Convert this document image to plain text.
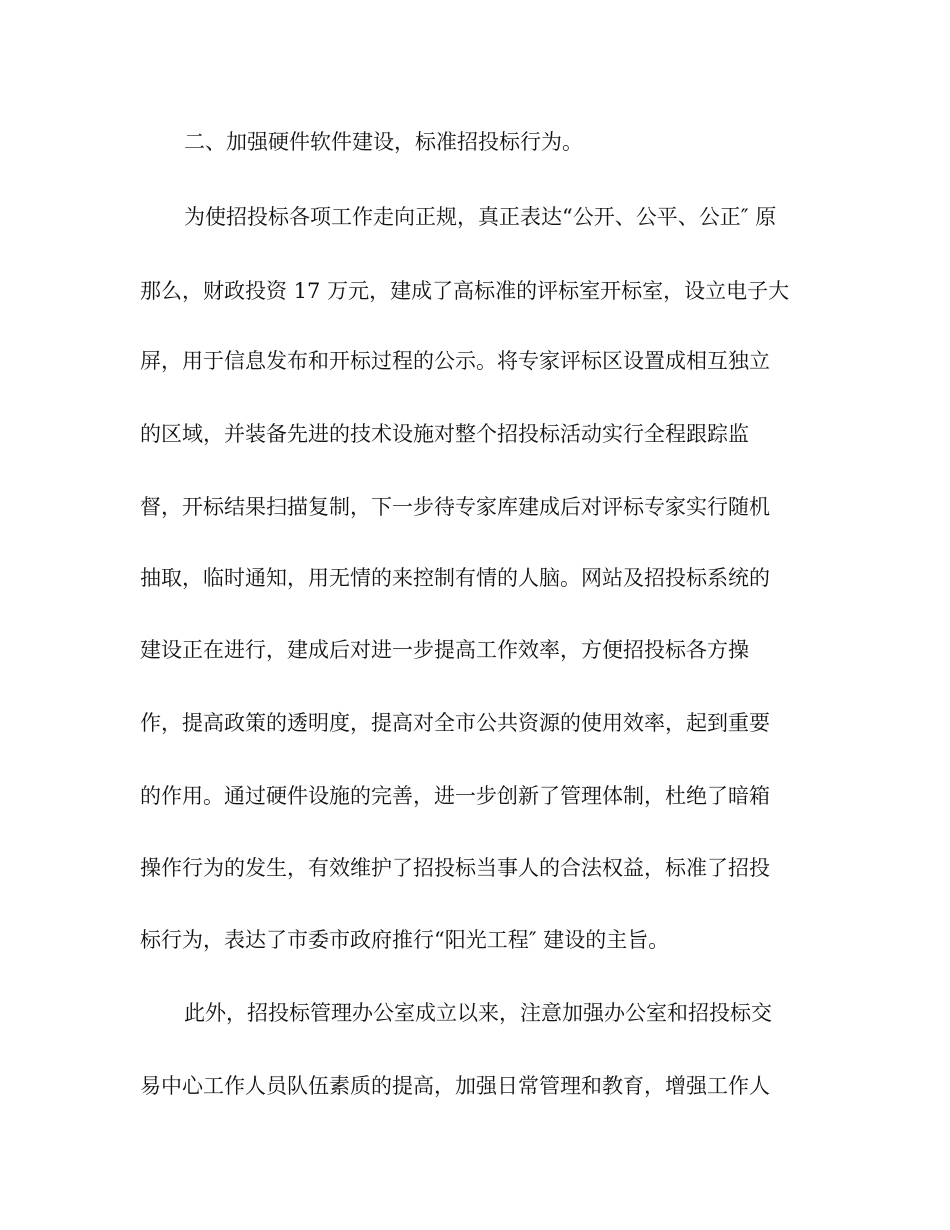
二、加强硬件软件建设，标准招投标行为。

为使招投标各项工作走向正规，真正表达“公开、公平、公正″ 原

那么，财政投资 17 万元，建成了高标准的评标室开标室，设立电子大

屏，用于信息发布和开标过程的公示。将专家评标区设置成相互独立

的区域，并装备先进的技术设施对整个招投标活动实行全程跟踪监

督，开标结果扫描复制，下一步待专家库建成后对评标专家实行随机

抽取，临时通知，用无情的来控制有情的人脑。网站及招投标系统的

建设正在进行，建成后对进一步提高工作效率，方便招投标各方操

作，提高政策的透明度，提高对全市公共资源的使用效率，起到重要

的作用。通过硬件设施的完善，进一步创新了管理体制，杜绝了暗箱

操作行为的发生，有效维护了招投标当事人的合法权益，标准了招投

标行为，表达了市委市政府推行“阳光工程″ 建设的主旨。

此外，招投标管理办公室成立以来，注意加强办公室和招投标交

易中心工作人员队伍素质的提高，加强日常管理和教育，增强工作人
